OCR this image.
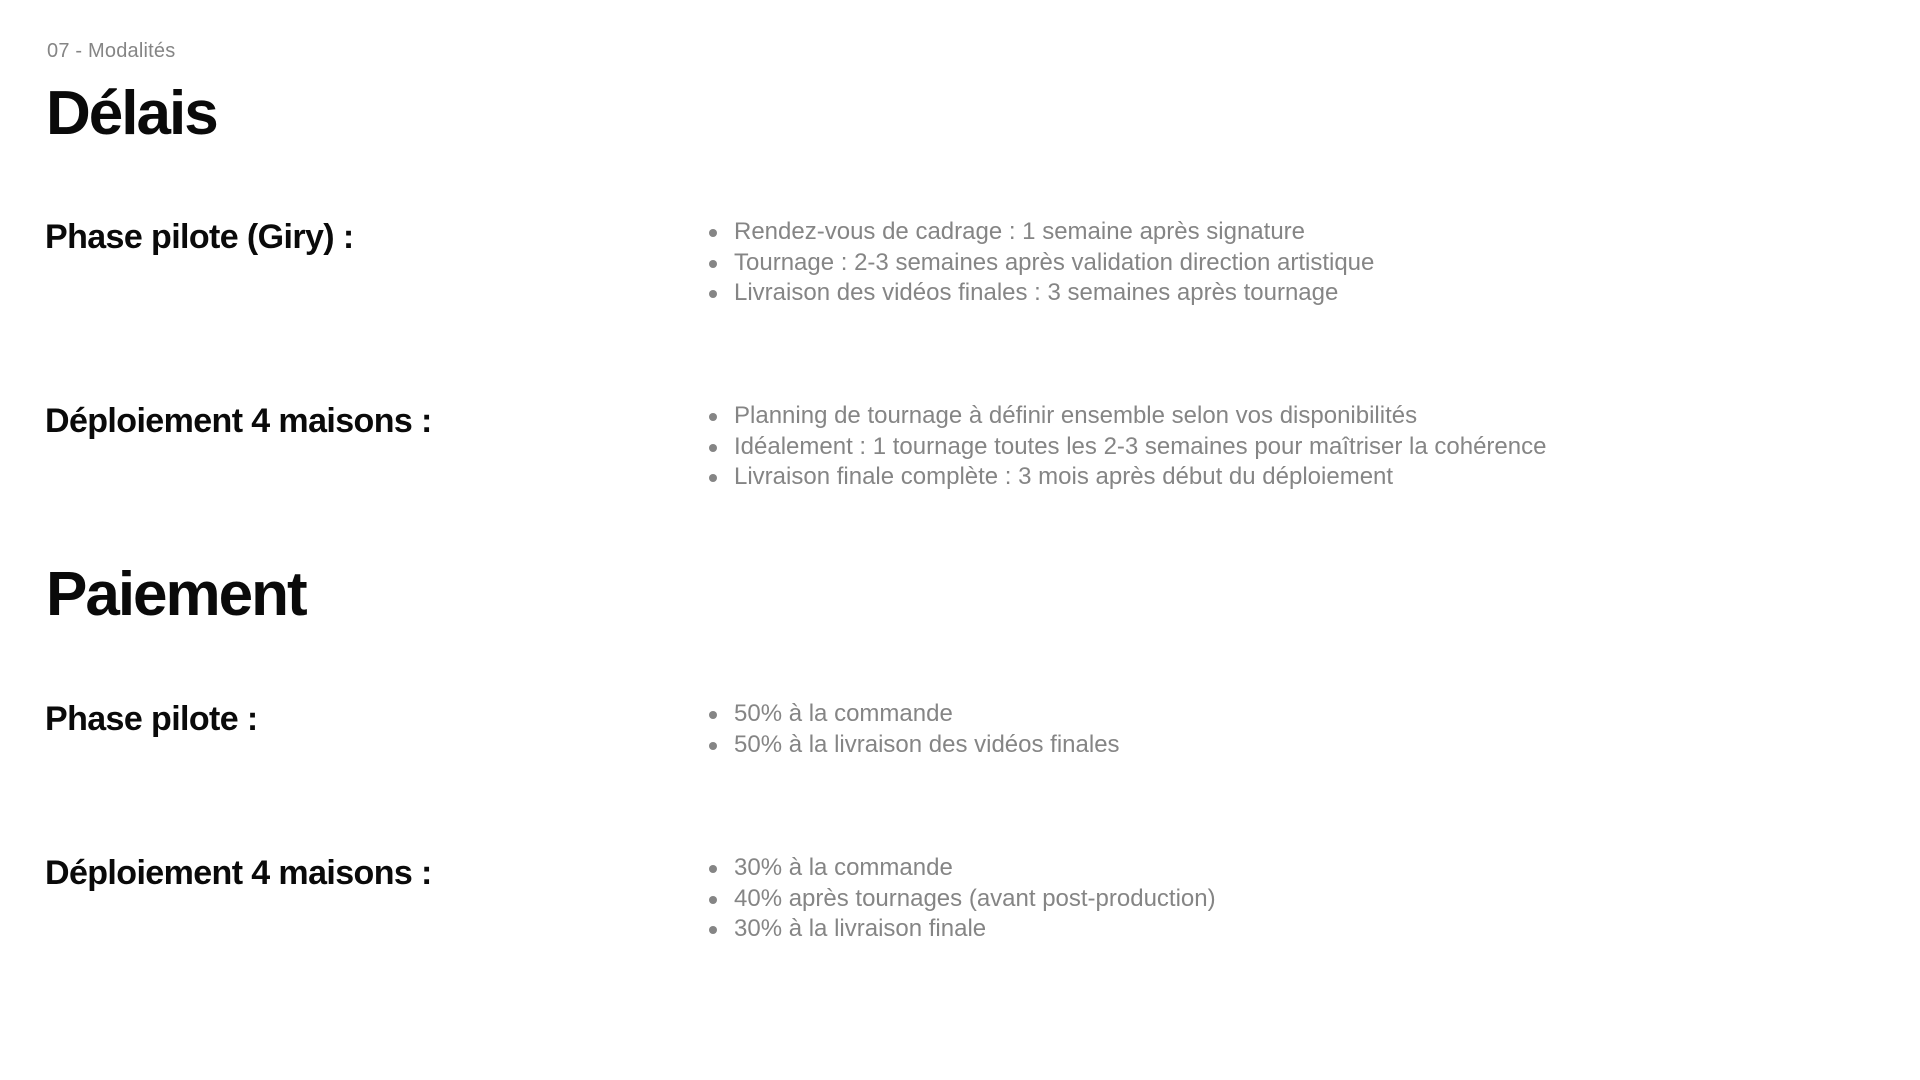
07 - Modalités
Délais
Phase pilote (Giry) :	Rendez-vous de cadrage : 1 semaine après signature
Tournage : 2-3 semaines après validation direction artistique
Livraison des vidéos finales : 3 semaines après tournage
Déploiement 4 maisons :	Planning de tournage à définir ensemble selon vos disponibilités
Idéalement : 1 tournage toutes les 2-3 semaines pour maîtriser la cohérence
Livraison finale complète : 3 mois après début du déploiement
Paiement
Phase pilote :	50% à la commande
50% à la livraison des vidéos finales
Déploiement 4 maisons :	30% à la commande
40% après tournages (avant post-production)
30% à la livraison finale
